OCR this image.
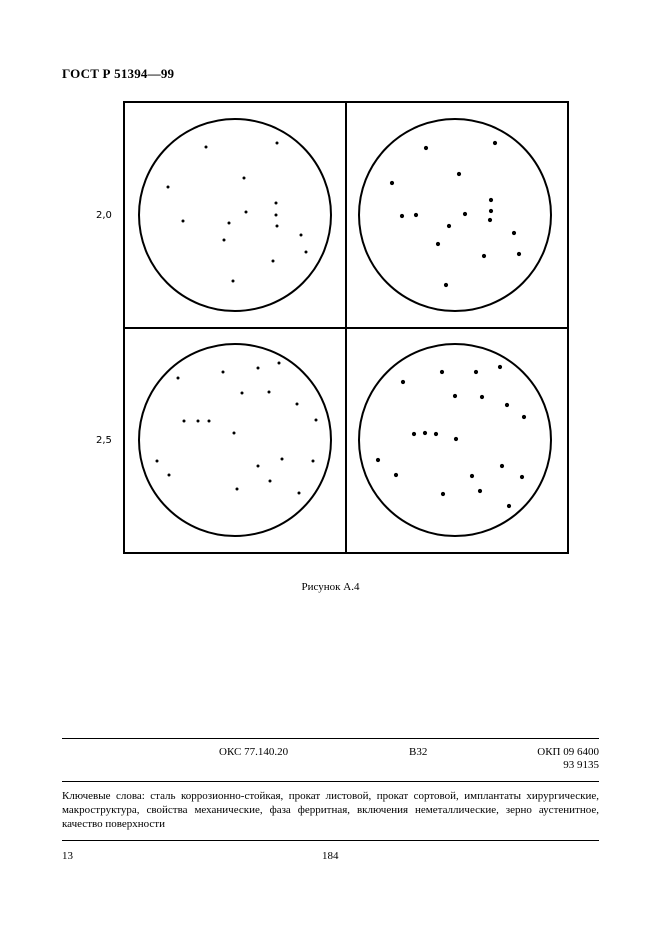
ГОСТ Р 51394—99
2,0
2,5
Рисунок А.4
ОКС 77.140.20	В32	ОКП 09 6400
93 9135
Ключевые слова: сталь коррозионно-стойкая, прокат листовой, прокат сортовой, имплантаты хирургические, макроструктура, свойства механические, фаза ферритная, включения неметаллические, зерно аустенитное, качество поверхности
13	184
